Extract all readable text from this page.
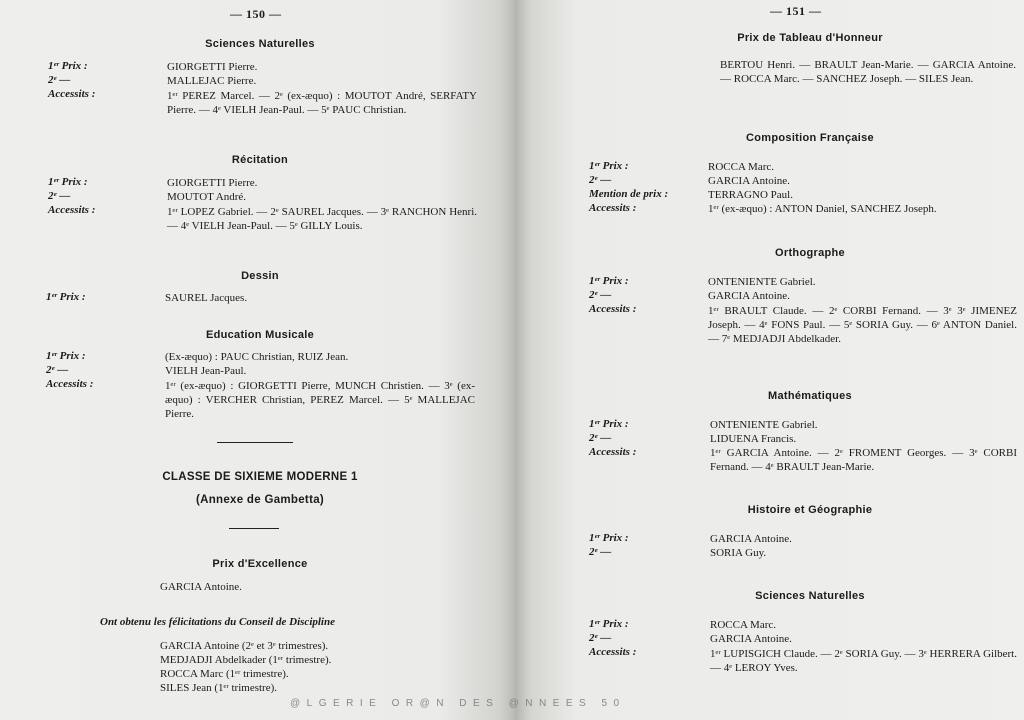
— 150 —
Sciences Naturelles
1ᵉʳ Prix :	GIORGETTI Pierre.
2ᵉ —	MALLEJAC Pierre.
Accessits :	1ᵉʳ PEREZ Marcel. — 2ᵉ (ex-æquo) : MOUTOT André, SERFATY Pierre. — 4ᵉ VIELH Jean-Paul. — 5ᵉ PAUC Christian.
Récitation
1ᵉʳ Prix :	GIORGETTI Pierre.
2ᵉ —	MOUTOT André.
Accessits :	1ᵉʳ LOPEZ Gabriel. — 2ᵉ SAUREL Jacques. — 3ᵉ RANCHON Henri. — 4ᵉ VIELH Jean-Paul. — 5ᵉ GILLY Louis.
Dessin
1ᵉʳ Prix :	SAUREL Jacques.
Education Musicale
1ᵉʳ Prix :	(Ex-æquo) : PAUC Christian, RUIZ Jean.
2ᵉ —	VIELH Jean-Paul.
Accessits :	1ᵉʳ (ex-æquo) : GIORGETTI Pierre, MUNCH Christien. — 3ᵉ (ex-æquo) : VERCHER Christian, PEREZ Marcel. — 5ᵉ MALLEJAC Pierre.
CLASSE DE SIXIEME MODERNE 1
(Annexe de Gambetta)
Prix d'Excellence
GARCIA Antoine.
Ont obtenu les félicitations du Conseil de Discipline
GARCIA Antoine (2ᵉ et 3ᵉ trimestres).
MEDJADJI Abdelkader (1ᵉʳ trimestre).
ROCCA Marc (1ᵉʳ trimestre).
SILES Jean (1ᵉʳ trimestre).
— 151 —
Prix de Tableau d'Honneur
BERTOU Henri. — BRAULT Jean-Marie. — GARCIA Antoine. — ROCCA Marc. — SANCHEZ Joseph. — SILES Jean.
Composition Française
1ᵉʳ Prix :	ROCCA Marc.
2ᵉ —	GARCIA Antoine.
Mention de prix :	TERRAGNO Paul.
Accessits :	1ᵉʳ (ex-æquo) : ANTON Daniel, SANCHEZ Joseph.
Orthographe
1ᵉʳ Prix :	ONTENIENTE Gabriel.
2ᵉ —	GARCIA Antoine.
Accessits :	1ᵉʳ BRAULT Claude. — 2ᵉ CORBI Fernand. — 3ᵉ 3ᵉ JIMENEZ Joseph. — 4ᵉ FONS Paul. — 5ᵉ SORIA Guy. — 6ᵉ ANTON Daniel. — 7ᵉ MEDJADJI Abdelkader.
Mathématiques
1ᵉʳ Prix :	ONTENIENTE Gabriel.
2ᵉ —	LIDUENA Francis.
Accessits :	1ᵉʳ GARCIA Antoine. — 2ᵉ FROMENT Georges. — 3ᵉ CORBI Fernand. — 4ᵉ BRAULT Jean-Marie.
Histoire et Géographie
1ᵉʳ Prix :	GARCIA Antoine.
2ᵉ —	SORIA Guy.
Sciences Naturelles
1ᵉʳ Prix :	ROCCA Marc.
2ᵉ —	GARCIA Antoine.
Accessits :	1ᵉʳ LUPISGICH Claude. — 2ᵉ SORIA Guy. — 3ᵉ HERRERA Gilbert. — 4ᵉ LEROY Yves.
@LGERIE OR@N DES @NNEES 50
